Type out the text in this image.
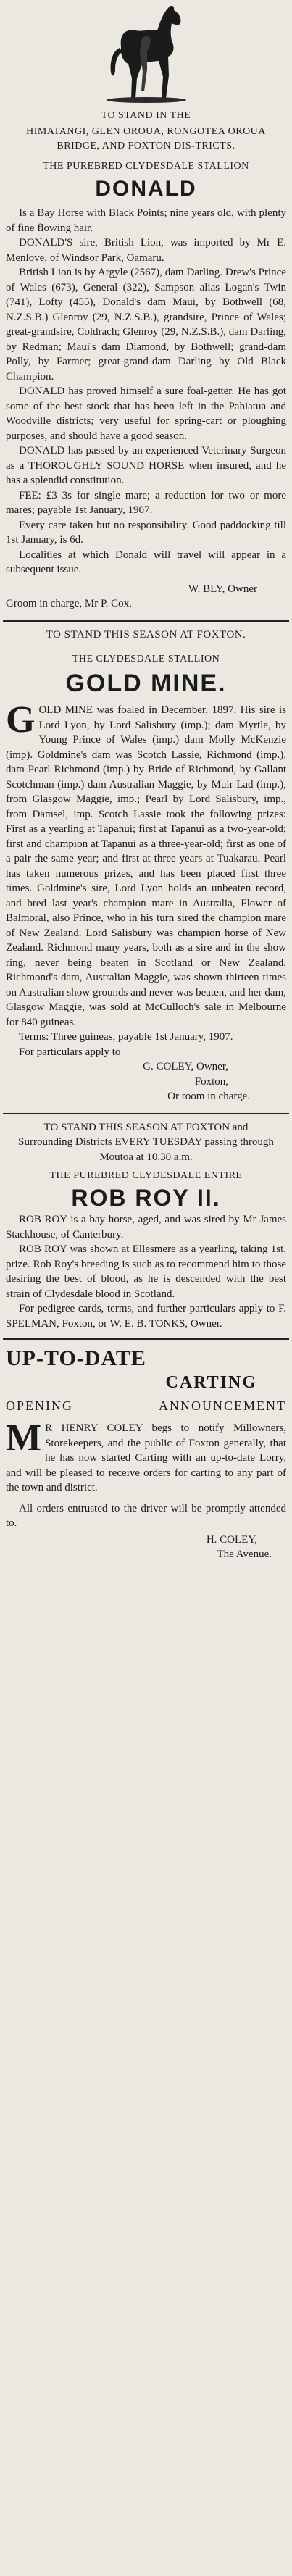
TO STAND IN THE

HIMATANGI, GLEN OROUA, RONGOTEA OROUA BRIDGE, AND FOXTON DIS-TRICTS.

THE PUREBRED CLYDESDALE STALLION

DONALD

Is a Bay Horse with Black Points; nine years old, with plenty of fine flowing hair.

DONALD'S sire, British Lion, was imported by Mr E. Menlove, of Windsor Park, Oamaru.

British Lion is by Argyle (2567), dam Darling. Drew's Prince of Wales (673), General (322), Sampson alias Logan's Twin (741), Lofty (455), Donald's dam Maui, by Bothwell (68, N.Z.S.B.) Glenroy (29, N.Z.S.B.), grandsire, Prince of Wales; great-grandsire, Coldrach; Glenroy (29, N.Z.S.B.), dam Darling, by Redman; Maui's dam Diamond, by Bothwell; grand-dam Polly, by Farmer; great-grand-dam Darling by Old Black Champion.

DONALD has proved himself a sure foal-getter. He has got some of the best stock that has been left in the Pahiatua and Woodville districts; very useful for spring-cart or ploughing purposes, and should have a good season.

DONALD has passed by an experienced Veterinary Surgeon as a THOROUGHLY SOUND HORSE when insured, and he has a splendid constitution.

FEE: £3 3s for single mare; a reduction for two or more mares; payable 1st January, 1907.

Every care taken but no responsibility. Good paddocking till 1st January, is 6d.

Localities at which Donald will travel will appear in a subsequent issue.

W. BLY, Owner

Groom in charge, Mr P. Cox.

TO STAND THIS SEASON AT FOXTON.

THE CLYDESDALE STALLION

GOLD MINE.

GOLD MINE was foaled in December, 1897. His sire is Lord Lyon, by Lord Salisbury (imp.); dam Myrtle, by Young Prince of Wales (imp.) dam Molly McKenzie (imp). Goldmine's dam was Scotch Lassie, Richmond (imp.), dam Pearl Richmond (imp.) by Bride of Richmond, by Gallant Scotchman (imp.) dam Australian Maggie, by Muir Lad (imp.), from Glasgow Maggie, imp.; Pearl by Lord Salisbury, imp., from Damsel, imp. Scotch Lassie took the following prizes: First as a yearling at Tapanui; first at Tapanui as a two-year-old; first and champion at Tapanui as a three-year-old; first as one of a pair the same year; and first at three years at Tuakarau. Pearl has taken numerous prizes, and has been placed first three times. Goldmine's sire, Lord Lyon holds an unbeaten record, and bred last year's champion mare in Australia, Flower of Balmoral, also Prince, who in his turn sired the champion mare of New Zealand. Lord Salisbury was champion horse of New Zealand. Richmond many years, both as a sire and in the show ring, never being beaten in Scotland or New Zealand. Richmond's dam, Australian Maggie, was shown thirteen times on Australian show grounds and never was beaten, and her dam, Glasgow Maggie, was sold at McCulloch's sale in Melbourne for 840 guineas.

Terms: Three guineas, payable 1st January, 1907.

For particulars apply to

G. COLEY, Owner,

Foxton,

Or room in charge.

TO STAND THIS SEASON AT FOXTON and Surrounding Districts EVERY TUESDAY passing through Moutoa at 10.30 a.m.

THE PUREBRED CLYDESDALE ENTIRE

ROB ROY II.

ROB ROY is a bay horse, aged, and was sired by Mr James Stackhouse, of Canterbury.

ROB ROY was shown at Ellesmere as a yearling, taking 1st. prize. Rob Roy's breeding is such as to recommend him to those desiring the best of blood, as he is descended with the best strain of Clydesdale blood in Scotland.

For pedigree cards, terms, and further particulars apply to F. SPELMAN, Foxton, or W. E. B. TONKS, Owner.

UP-TO-DATE

CARTING

OPENING	ANNOUNCEMENT

M R HENRY COLEY begs to notify Millowners, Storekeepers, and the public of Foxton generally, that he has now started Carting with an up-to-date Lorry, and will be pleased to receive orders for carting to any part of the town and district.

All orders entrusted to the driver will be promptly attended to.

H. COLEY,

The Avenue.
